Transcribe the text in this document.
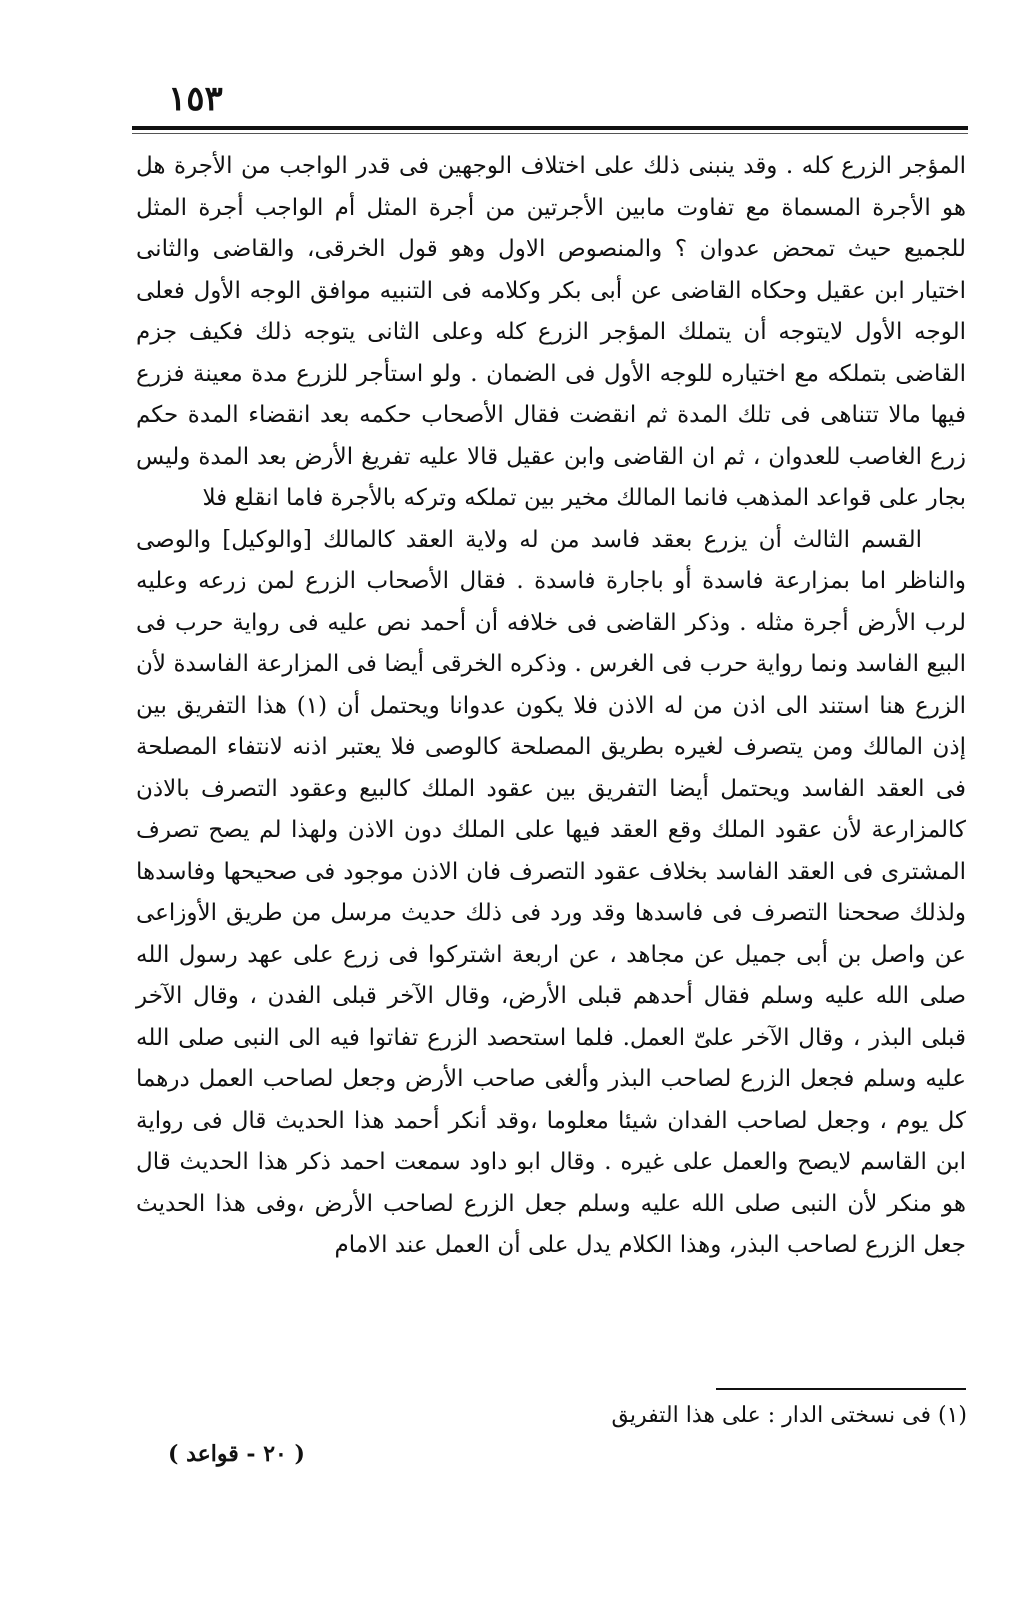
١٥٣

المؤجر الزرع كله . وقد ينبنى ذلك على اختلاف الوجهين فى قدر الواجب من الأجرة هل هو الأجرة المسماة مع تفاوت مابين الأجرتين من أجرة المثل أم الواجب أجرة المثل للجميع حيث تمحض عدوان ؟ والمنصوص الاول وهو قول الخرقى، والقاضى والثانى اختيار ابن عقيل وحكاه القاضى عن أبى بكر وكلامه فى التنبيه موافق الوجه الأول فعلى الوجه الأول لايتوجه أن يتملك المؤجر الزرع كله وعلى الثانى يتوجه ذلك فكيف جزم القاضى بتملكه مع اختياره للوجه الأول فى الضمان . ولو استأجر للزرع مدة معينة فزرع فيها مالا تتناهى فى تلك المدة ثم انقضت فقال الأصحاب حكمه بعد انقضاء المدة حكم زرع الغاصب للعدوان ، ثم ان القاضى وابن عقيل قالا عليه تفريغ الأرض بعد المدة وليس بجار على قواعد المذهب فانما المالك مخير بين تملكه وتركه بالأجرة فاما انقلع فلا

القسم الثالث أن يزرع بعقد فاسد من له ولاية العقد كالمالك [والوكيل] والوصى والناظر اما بمزارعة فاسدة أو باجارة فاسدة . فقال الأصحاب الزرع لمن زرعه وعليه لرب الأرض أجرة مثله . وذكر القاضى فى خلافه أن أحمد نص عليه فى رواية حرب فى البيع الفاسد ونما رواية حرب فى الغرس . وذكره الخرقى أيضا فى المزارعة الفاسدة لأن الزرع هنا استند الى اذن من له الاذن فلا يكون عدوانا ويحتمل أن (١) هذا التفريق بين إذن المالك ومن يتصرف لغيره بطريق المصلحة كالوصى فلا يعتبر اذنه لانتفاء المصلحة فى العقد الفاسد ويحتمل أيضا التفريق بين عقود الملك كالبيع وعقود التصرف بالاذن كالمزارعة لأن عقود الملك وقع العقد فيها على الملك دون الاذن ولهذا لم يصح تصرف المشترى فى العقد الفاسد بخلاف عقود التصرف فان الاذن موجود فى صحيحها وفاسدها ولذلك صححنا التصرف فى فاسدها وقد ورد فى ذلك حديث مرسل من طريق الأوزاعى عن واصل بن أبى جميل عن مجاهد ، عن اربعة اشتركوا فى زرع على عهد رسول الله صلى الله عليه وسلم فقال أحدهم قبلى الأرض، وقال الآخر قبلى الفدن ، وقال الآخر قبلى البذر ، وقال الآخر علىّ العمل. فلما استحصد الزرع تفاتوا فيه الى النبى صلى الله عليه وسلم فجعل الزرع لصاحب البذر وألغى صاحب الأرض وجعل لصاحب العمل درهما كل يوم ، وجعل لصاحب الفدان شيئا معلوما ،وقد أنكر أحمد هذا الحديث قال فى رواية ابن القاسم لايصح والعمل على غيره . وقال ابو داود سمعت احمد ذكر هذا الحديث قال هو منكر لأن النبى صلى الله عليه وسلم جعل الزرع لصاحب الأرض ،وفى هذا الحديث جعل الزرع لصاحب البذر، وهذا الكلام يدل على أن العمل عند الامام

(١) فى نسختى الدار : على هذا التفريق
( ٢٠ - قواعد )
